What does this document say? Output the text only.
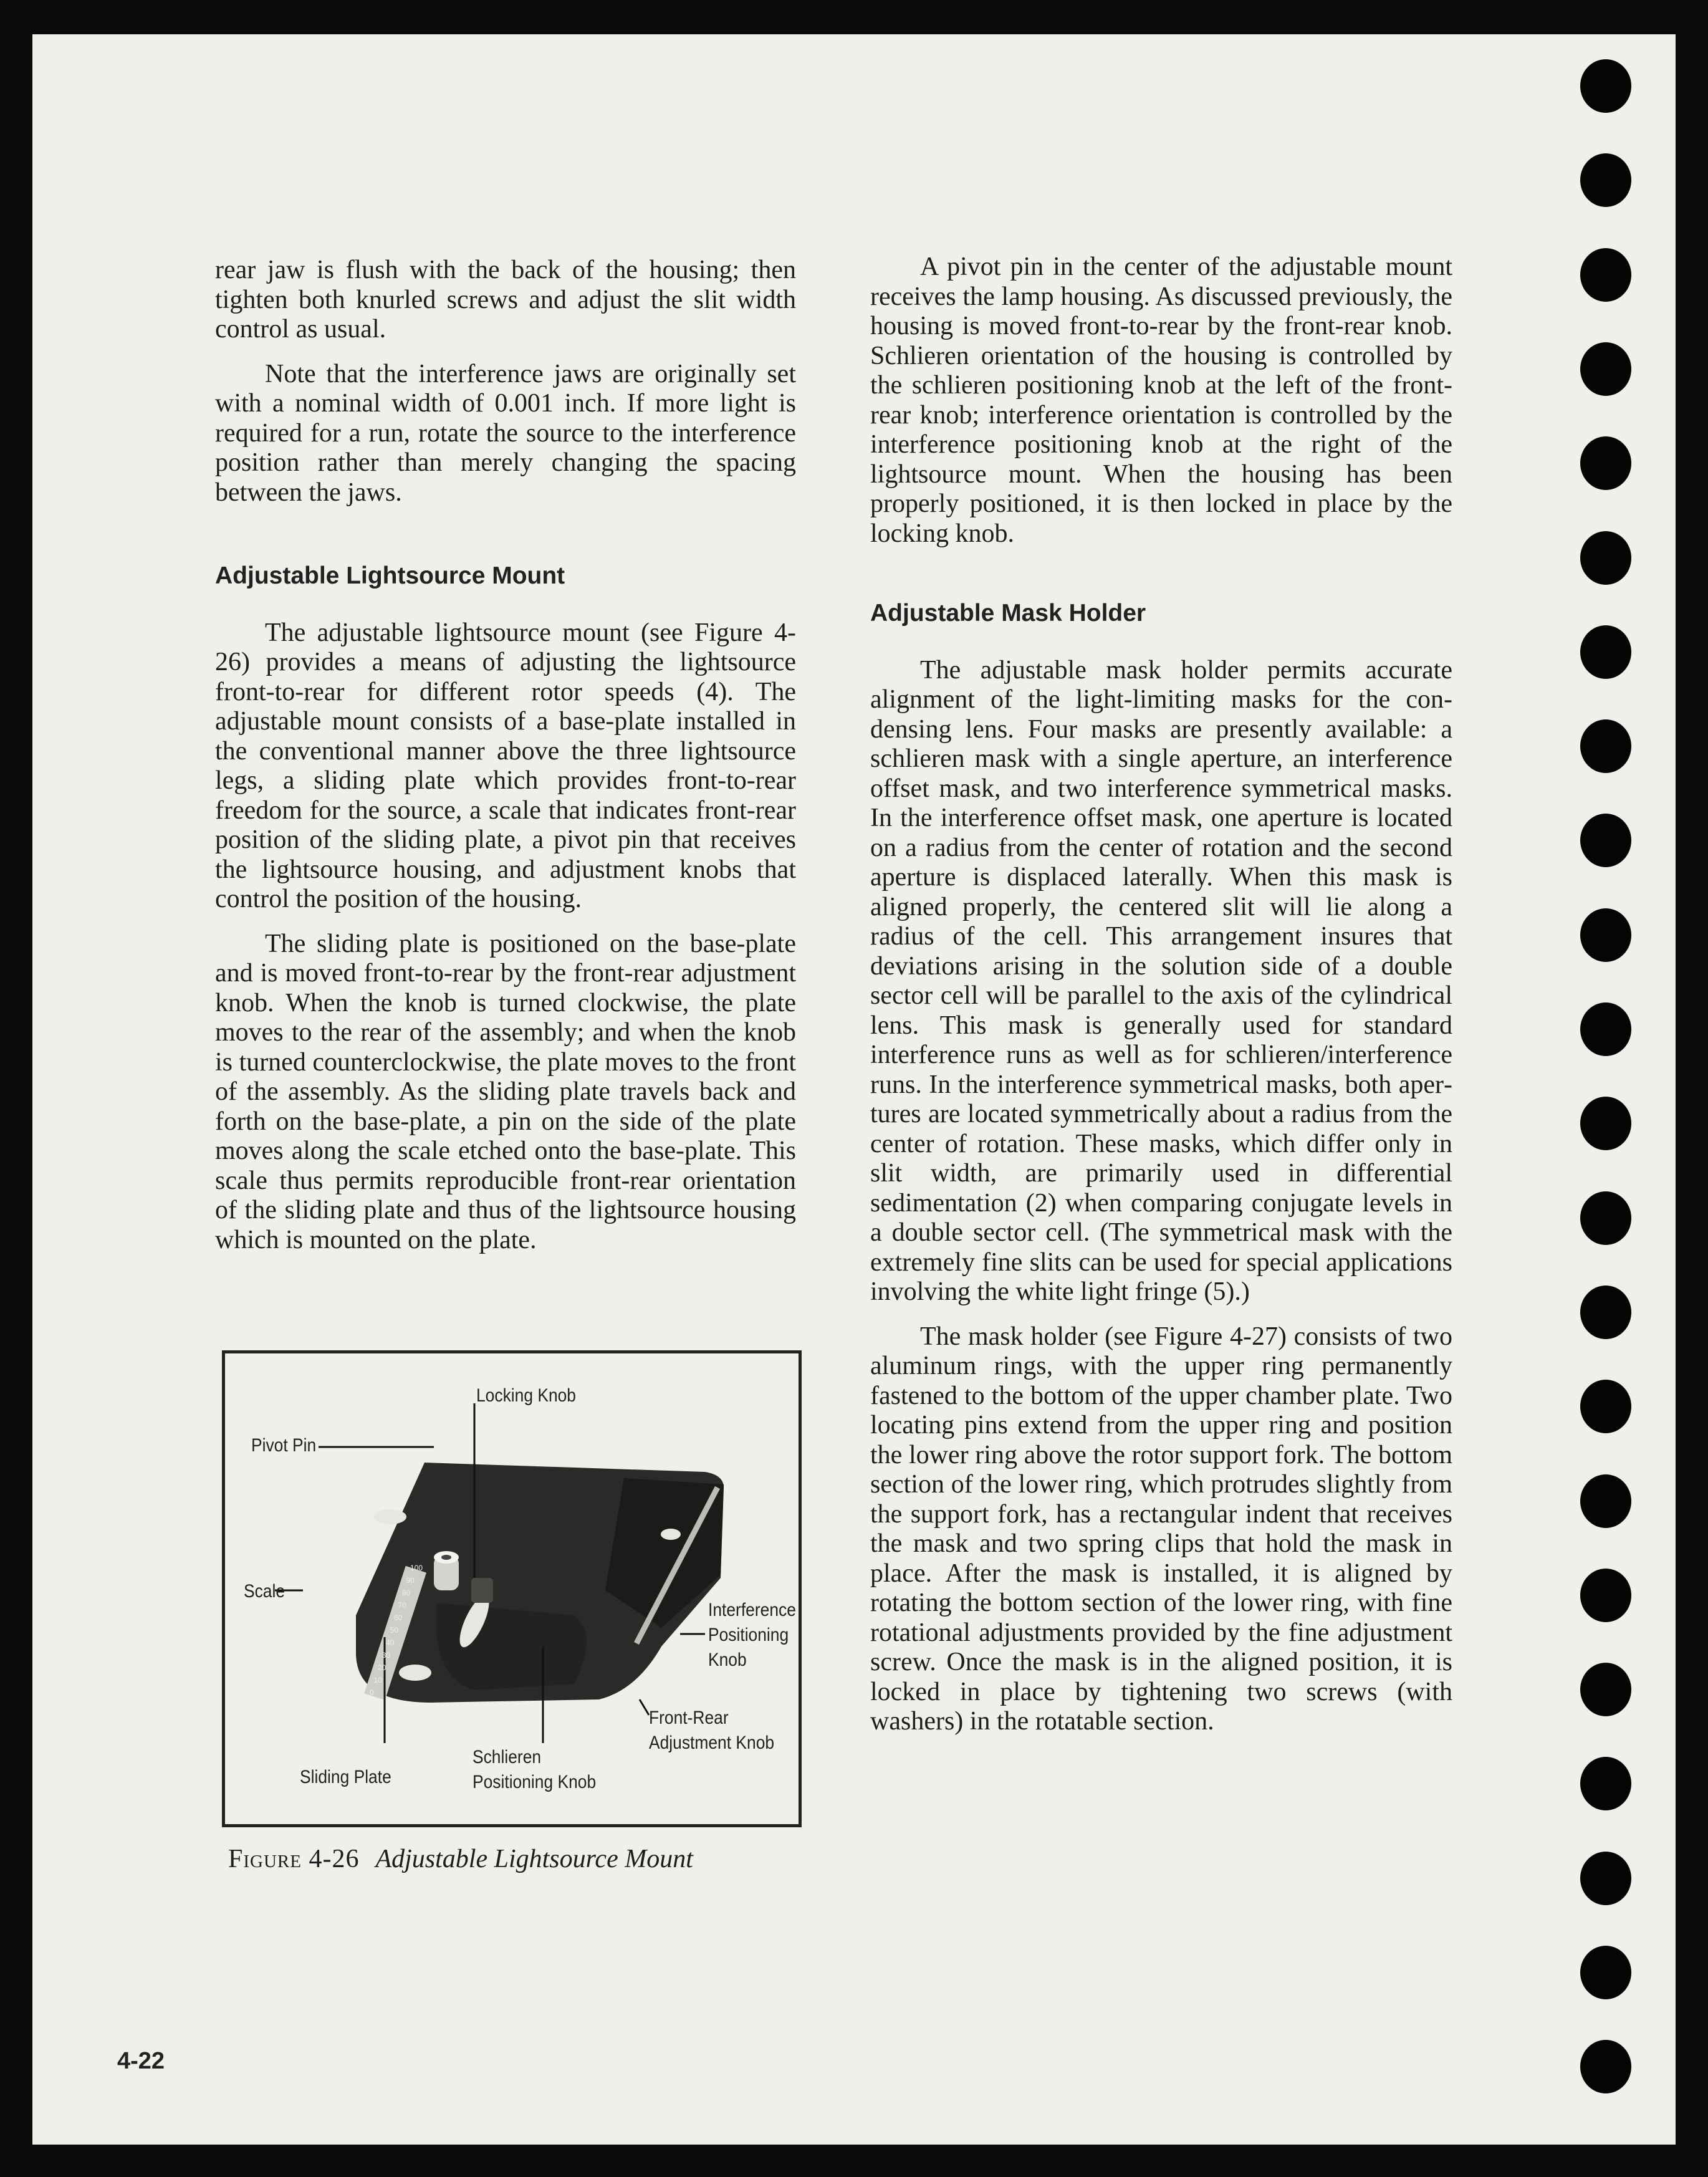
rear jaw is flush with the back of the housing; then tighten both knurled screws and adjust the slit width control as usual.

Note that the interference jaws are originally set with a nominal width of 0.001 inch. If more light is required for a run, rotate the source to the interference position rather than merely changing the spacing between the jaws.

Adjustable Lightsource Mount

The adjustable lightsource mount (see Figure 4-26) provides a means of adjusting the lightsource front-to-rear for different rotor speeds (4). The adjustable mount consists of a base-plate installed in the conventional manner above the three lightsource legs, a sliding plate which provides front-to-rear freedom for the source, a scale that indicates front-rear position of the sliding plate, a pivot pin that receives the lightsource housing, and adjustment knobs that control the position of the housing.

The sliding plate is positioned on the base-plate and is moved front-to-rear by the front-rear adjustment knob. When the knob is turned clockwise, the plate moves to the rear of the assembly; and when the knob is turned counterclockwise, the plate moves to the front of the assembly. As the sliding plate travels back and forth on the base-plate, a pin on the side of the plate moves along the scale etched onto the base-plate. This scale thus permits reproducible front-rear orientation of the sliding plate and thus of the lightsource housing which is mounted on the plate.

A pivot pin in the center of the adjustable mount receives the lamp housing. As discussed previously, the housing is moved front-to-rear by the front-rear knob. Schlieren orientation of the housing is controlled by the schlieren positioning knob at the left of the front-rear knob; interference orientation is controlled by the interference positioning knob at the right of the lightsource mount. When the housing has been properly positioned, it is then locked in place by the locking knob.

Adjustable Mask Holder

The adjustable mask holder permits accurate alignment of the light-limiting masks for the condensing lens. Four masks are presently available: a schlieren mask with a single aperture, an interference offset mask, and two interference symmetrical masks. In the interference offset mask, one aperture is located on a radius from the center of rotation and the second aperture is displaced laterally. When this mask is aligned properly, the centered slit will lie along a radius of the cell. This arrangement insures that deviations arising in the solution side of a double sector cell will be parallel to the axis of the cylindrical lens. This mask is generally used for standard interference runs as well as for schlieren/interference runs. In the interference symmetrical masks, both apertures are located symmetrically about a radius from the center of rotation. These masks, which differ only in slit width, are primarily used in differential sedimentation (2) when comparing conjugate levels in a double sector cell. (The symmetrical mask with the extremely fine slits can be used for special applications involving the white light fringe (5).)

The mask holder (see Figure 4-27) consists of two aluminum rings, with the upper ring permanently fastened to the bottom of the upper chamber plate. Two locating pins extend from the upper ring and position the lower ring above the rotor support fork. The bottom section of the lower ring, which protrudes slightly from the support fork, has a rectangular indent that receives the mask and two spring clips that hold the mask in place. After the mask is installed, it is aligned by rotating the bottom section of the lower ring, with fine rotational adjustments provided by the fine adjustment screw. Once the mask is in the aligned position, it is locked in place by tightening two screws (with washers) in the rotatable section.

0
10
20
30
40
50
60
70
80
90
100
Locking Knob
Pivot Pin
Scale
Interference
Positioning
Knob
Front-Rear
Adjustment Knob
Sliding Plate
Schlieren
Positioning Knob
Figure 4-26 Adjustable Lightsource Mount
4-22
